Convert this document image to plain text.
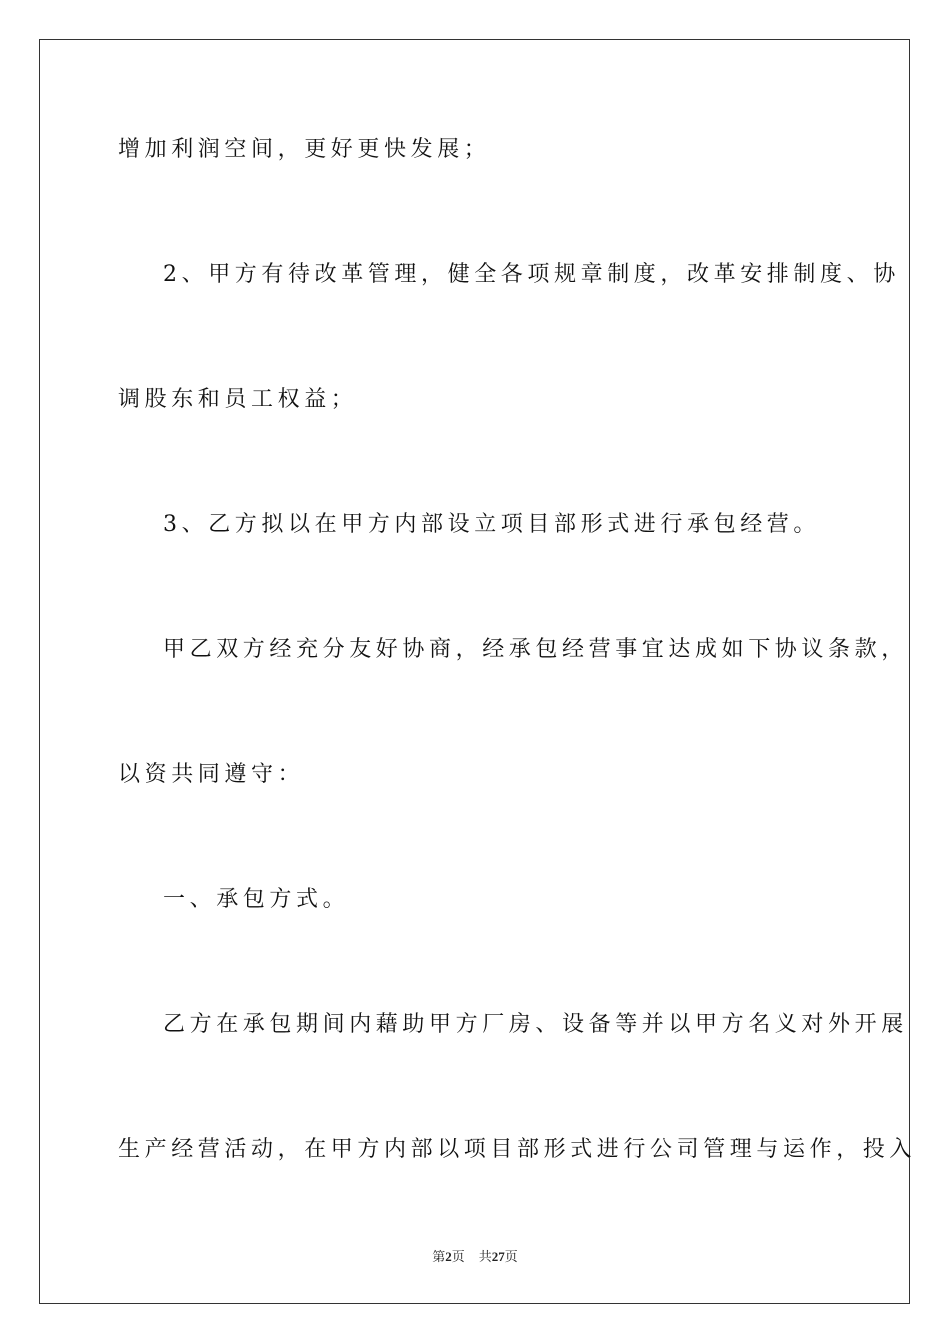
增加利润空间，更好更快发展；
2、甲方有待改革管理，健全各项规章制度，改革安排制度、协
调股东和员工权益；
3、乙方拟以在甲方内部设立项目部形式进行承包经营。
甲乙双方经充分友好协商，经承包经营事宜达成如下协议条款，
以资共同遵守：
一、承包方式。
乙方在承包期间内藉助甲方厂房、设备等并以甲方名义对外开展
生产经营活动，在甲方内部以项目部形式进行公司管理与运作，投入
第2页 共27页
